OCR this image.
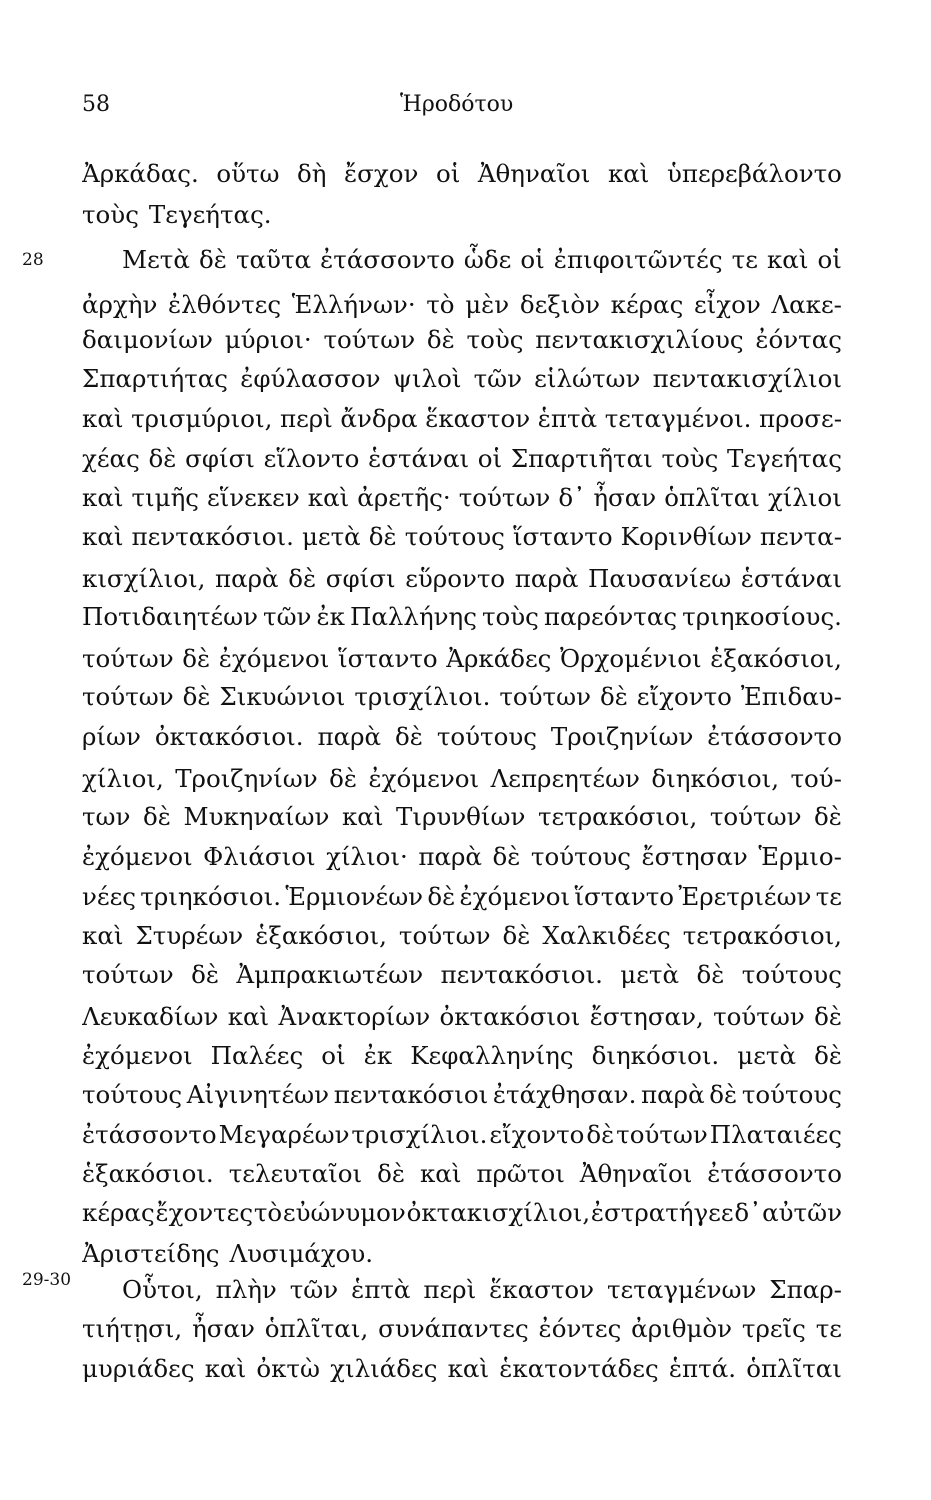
58	Ἡροδότου
28
29-30
Ἀρκάδας. οὕτω δὴ ἔσχον οἱ Ἀθηναῖοι καὶ ὑπερεβάλοντο
τοὺς Τεγεήτας.
Μετὰ δὲ ταῦτα ἐτάσσοντο ὧδε οἱ ἐπιφοιτῶντές τε καὶ οἱ
ἀρχὴν ἐλθόντες Ἑλλήνων· τὸ μὲν δεξιὸν κέρας εἶχον Λακε-
δαιμονίων μύριοι· τούτων δὲ τοὺς πεντακισχιλίους ἐόντας
Σπαρτιήτας ἐφύλασσον ψιλοὶ τῶν εἱλώτων πεντακισχίλιοι
καὶ τρισμύριοι, περὶ ἄνδρα ἕκαστον ἑπτὰ τεταγμένοι. προσε-
χέας δὲ σφίσι εἵλοντο ἑστάναι οἱ Σπαρτιῆται τοὺς Τεγεήτας
καὶ τιμῆς εἵνεκεν καὶ ἀρετῆς· τούτων δ᾽ ἦσαν ὁπλῖται χίλιοι
καὶ πεντακόσιοι. μετὰ δὲ τούτους ἵσταντο Κορινθίων πεντα-
κισχίλιοι, παρὰ δὲ σφίσι εὕροντο παρὰ Παυσανίεω ἑστάναι
Ποτιδαιητέων τῶν ἐκ Παλλήνης τοὺς παρεόντας τριηκοσίους.
τούτων δὲ ἐχόμενοι ἵσταντο Ἀρκάδες Ὀρχομένιοι ἑξακόσιοι,
τούτων δὲ Σικυώνιοι τρισχίλιοι. τούτων δὲ εἴχοντο Ἐπιδαυ-
ρίων ὀκτακόσιοι. παρὰ δὲ τούτους Τροιζηνίων ἐτάσσοντο
χίλιοι, Τροιζηνίων δὲ ἐχόμενοι Λεπρεητέων διηκόσιοι, τού-
των δὲ Μυκηναίων καὶ Τιρυνθίων τετρακόσιοι, τούτων δὲ
ἐχόμενοι Φλιάσιοι χίλιοι· παρὰ δὲ τούτους ἔστησαν Ἑρμιο-
νέες τριηκόσιοι. Ἑρμιονέων δὲ ἐχόμενοι ἵσταντο Ἐρετριέων τε
καὶ Στυρέων ἑξακόσιοι, τούτων δὲ Χαλκιδέες τετρακόσιοι,
τούτων δὲ Ἀμπρακιωτέων πεντακόσιοι. μετὰ δὲ τούτους
Λευκαδίων καὶ Ἀνακτορίων ὀκτακόσιοι ἔστησαν, τούτων δὲ
ἐχόμενοι Παλέες οἱ ἐκ Κεφαλληνίης διηκόσιοι. μετὰ δὲ
τούτους Αἰγινητέων πεντακόσιοι ἐτάχθησαν. παρὰ δὲ τούτους
ἐτάσσοντο Μεγαρέων τρισχίλιοι. εἴχοντο δὲ τούτων Πλαταιέες
ἑξακόσιοι. τελευταῖοι δὲ καὶ πρῶτοι Ἀθηναῖοι ἐτάσσοντο
κέρας ἔχοντες τὸ εὐώνυμον ὀκτακισχίλιοι, ἐστρατήγεε δ᾽ αὐτῶν
Ἀριστείδης Λυσιμάχου.
Οὗτοι, πλὴν τῶν ἑπτὰ περὶ ἕκαστον τεταγμένων Σπαρ-
τιήτῃσι, ἦσαν ὁπλῖται, συνάπαντες ἐόντες ἀριθμὸν τρεῖς τε
μυριάδες καὶ ὀκτὼ χιλιάδες καὶ ἑκατοντάδες ἑπτά. ὁπλῖται
